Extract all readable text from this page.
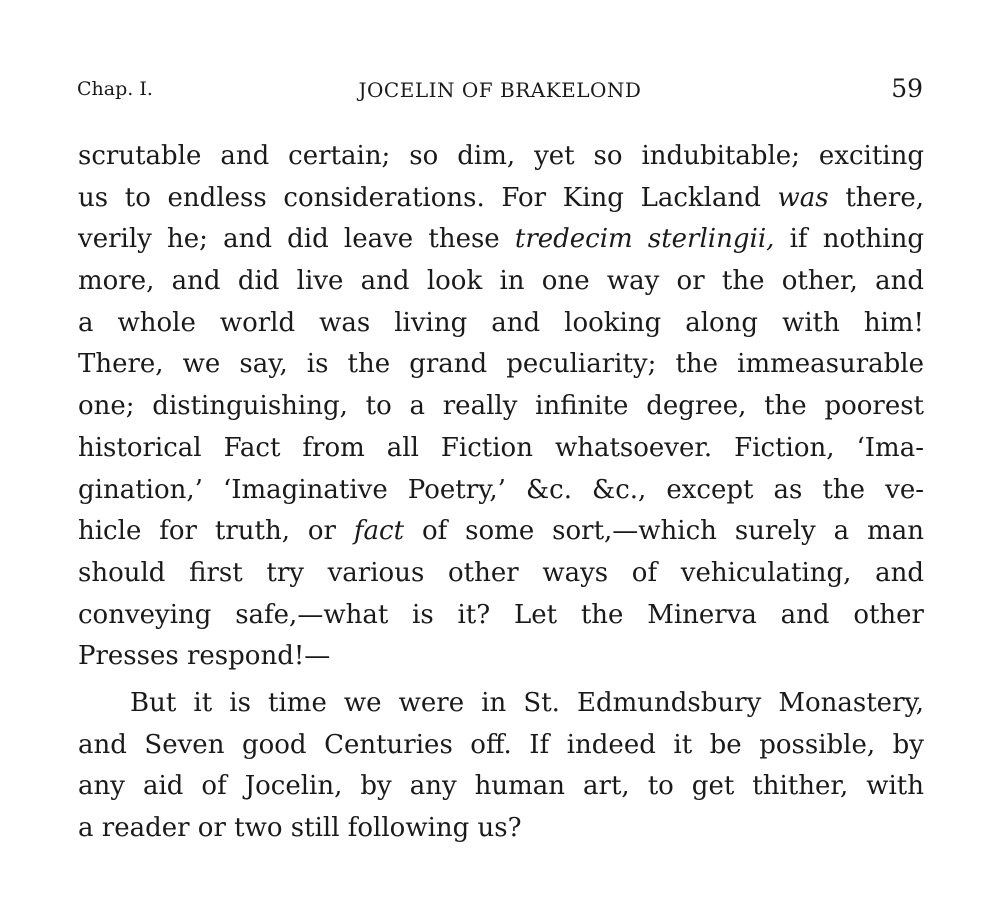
Chap. I.	JOCELIN OF BRAKELOND	59
scrutable and certain; so dim, yet so indubitable; exciting
us to endless considerations. For King Lackland was there,
verily he; and did leave these tredecim sterlingii, if nothing
more, and did live and look in one way or the other, and
a whole world was living and looking along with him!
There, we say, is the grand peculiarity; the immeasurable
one; distinguishing, to a really infinite degree, the poorest
historical Fact from all Fiction whatsoever. Fiction, ‘Ima-
gination,’ ‘Imaginative Poetry,’ &c. &c., except as the ve-
hicle for truth, or fact of some sort,—which surely a man
should first try various other ways of vehiculating, and
conveying safe,—what is it? Let the Minerva and other
Presses respond!—
But it is time we were in St. Edmundsbury Monastery,
and Seven good Centuries off. If indeed it be possible, by
any aid of Jocelin, by any human art, to get thither, with
a reader or two still following us?
